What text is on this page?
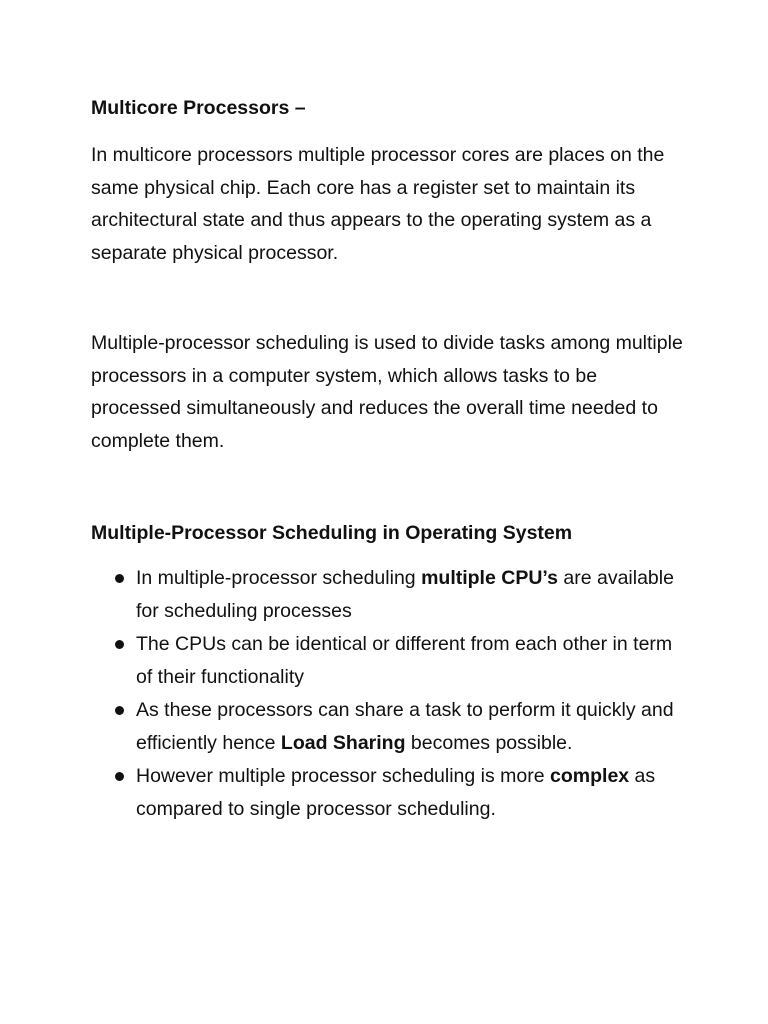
Multicore Processors –
In multicore processors multiple processor cores are places on the same physical chip. Each core has a register set to maintain its architectural state and thus appears to the operating system as a separate physical processor.
Multiple-processor scheduling is used to divide tasks among multiple processors in a computer system, which allows tasks to be processed simultaneously and reduces the overall time needed to complete them.
Multiple-Processor Scheduling in Operating System
In multiple-processor scheduling multiple CPU’s are available for scheduling processes
The CPUs can be identical or different from each other in term of their functionality
As these processors can share a task to perform it quickly and efficiently hence Load Sharing becomes possible.
However multiple processor scheduling is more complex as compared to single processor scheduling.
